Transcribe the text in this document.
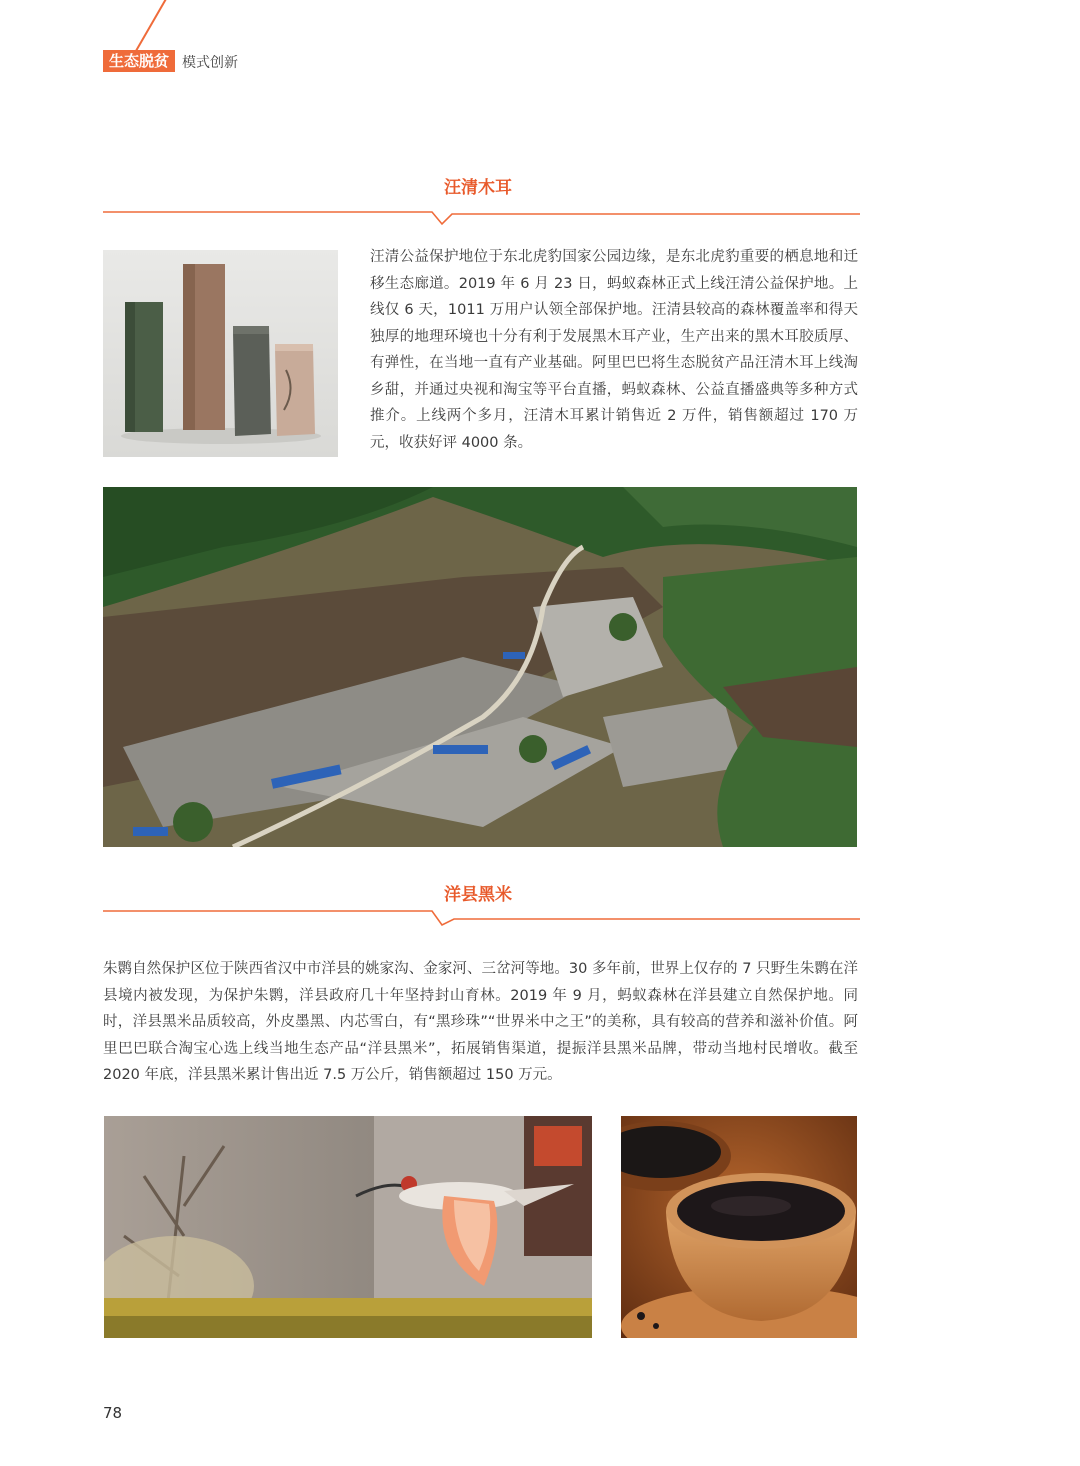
生态脱贫 模式创新
汪清木耳
汪清公益保护地位于东北虎豹国家公园边缘，是东北虎豹重要的栖息地和迁移生态廊道。2019 年 6 月 23 日，蚂蚁森林正式上线汪清公益保护地。上线仅 6 天，1011 万用户认领全部保护地。汪清县较高的森林覆盖率和得天独厚的地理环境也十分有利于发展黑木耳产业，生产出来的黑木耳胶质厚、有弹性，在当地一直有产业基础。阿里巴巴将生态脱贫产品汪清木耳上线淘乡甜，并通过央视和淘宝等平台直播，蚂蚁森林、公益直播盛典等多种方式推介。上线两个多月，汪清木耳累计销售近 2 万件，销售额超过 170 万元，收获好评 4000 条。
洋县黑米
朱鹮自然保护区位于陕西省汉中市洋县的姚家沟、金家河、三岔河等地。30 多年前，世界上仅存的 7 只野生朱鹮在洋县境内被发现，为保护朱鹮，洋县政府几十年坚持封山育林。2019 年 9 月，蚂蚁森林在洋县建立自然保护地。同时，洋县黑米品质较高，外皮墨黑、内芯雪白，有“黑珍珠”“世界米中之王”的美称，具有较高的营养和滋补价值。阿里巴巴联合淘宝心选上线当地生态产品“洋县黑米”，拓展销售渠道，提振洋县黑米品牌，带动当地村民增收。截至 2020 年底，洋县黑米累计售出近 7.5 万公斤，销售额超过 150 万元。
78
